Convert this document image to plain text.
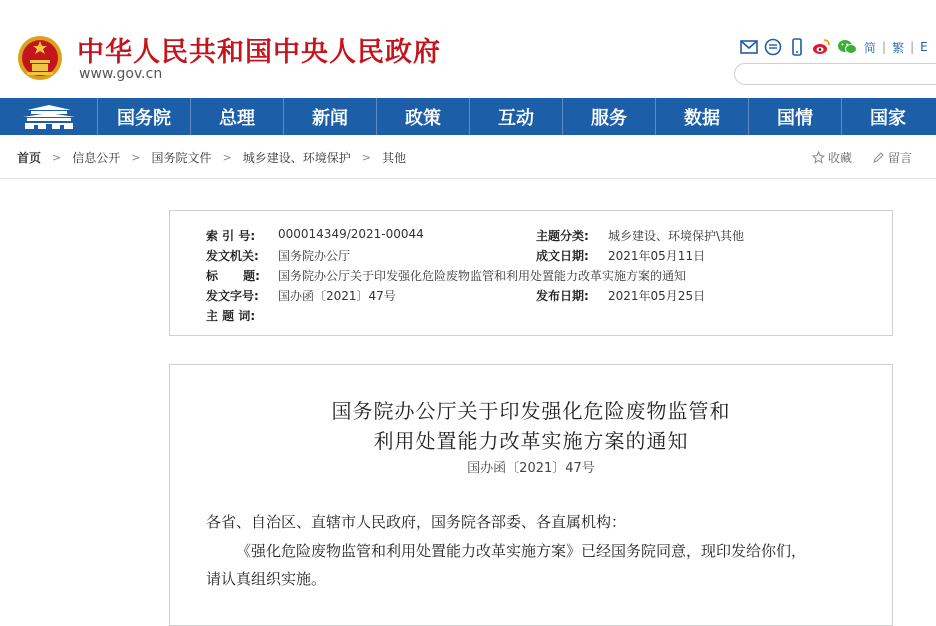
中华人民共和国中央人民政府
www.gov.cn
简 | 繁 | E
国务院	总理	新闻	政策	互动	服务	数据	国情	国家
首页 > 信息公开 > 国务院文件 > 城乡建设、环境保护 > 其他	收藏	留言
索 引 号:	000014349/2021-00044	主题分类:	城乡建设、环境保护\其他
发文机关:	国务院办公厅	成文日期:	2021年05月11日
标      题:	国务院办公厅关于印发强化危险废物监管和利用处置能力改革实施方案的通知
发文字号:	国办函〔2021〕47号	发布日期:	2021年05月25日
主 题 词:
国务院办公厅关于印发强化危险废物监管和
利用处置能力改革实施方案的通知
国办函〔2021〕47号
各省、自治区、直辖市人民政府，国务院各部委、各直属机构：
《强化危险废物监管和利用处置能力改革实施方案》已经国务院同意，现印发给你们，
请认真组织实施。
